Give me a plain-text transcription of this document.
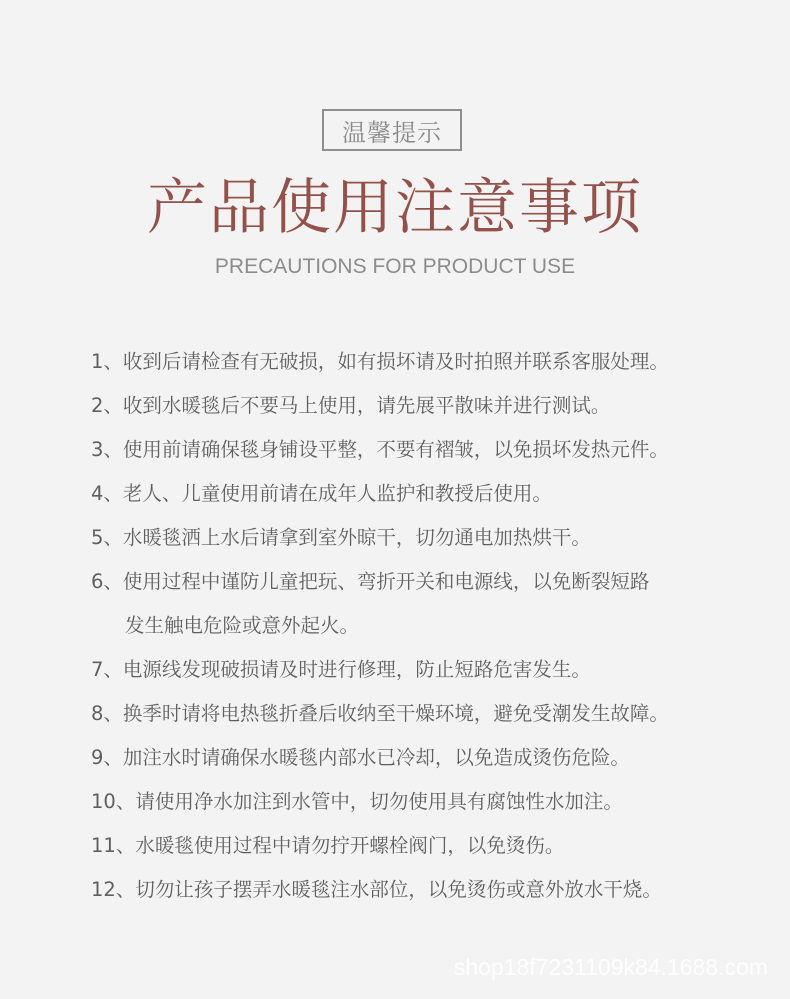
温馨提示
产品使用注意事项
PRECAUTIONS FOR PRODUCT USE
1、收到后请检查有无破损，如有损坏请及时拍照并联系客服处理。
2、收到水暖毯后不要马上使用，请先展平散味并进行测试。
3、使用前请确保毯身铺设平整，不要有褶皱，以免损坏发热元件。
4、老人、儿童使用前请在成年人监护和教授后使用。
5、水暖毯洒上水后请拿到室外晾干，切勿通电加热烘干。
6、使用过程中谨防儿童把玩、弯折开关和电源线，以免断裂短路
发生触电危险或意外起火。
7、电源线发现破损请及时进行修理，防止短路危害发生。
8、换季时请将电热毯折叠后收纳至干燥环境，避免受潮发生故障。
9、加注水时请确保水暖毯内部水已冷却，以免造成烫伤危险。
10、请使用净水加注到水管中，切勿使用具有腐蚀性水加注。
11、水暖毯使用过程中请勿拧开螺栓阀门，以免烫伤。
12、切勿让孩子摆弄水暖毯注水部位，以免烫伤或意外放水干烧。
shop18f7231109k84.1688.com
